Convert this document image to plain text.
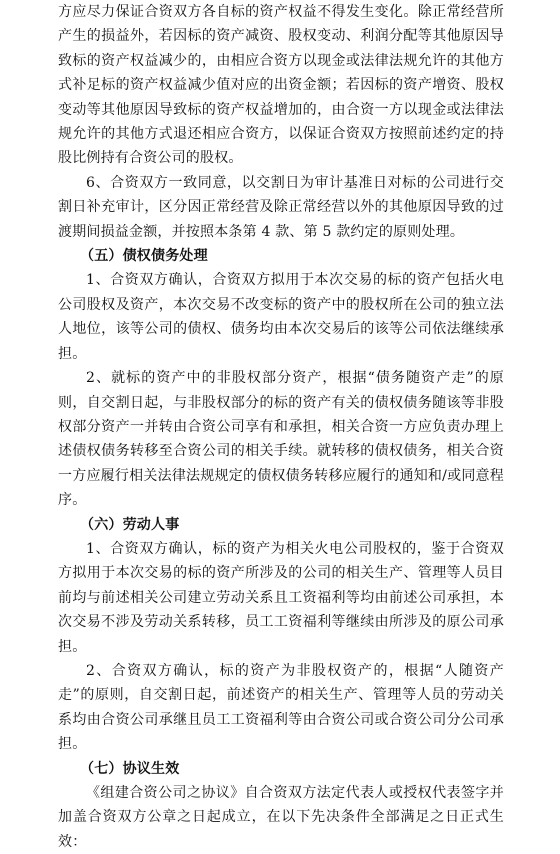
方应尽力保证合资双方各自标的资产权益不得发生变化。除正常经营所产生的损益外，若因标的资产减资、股权变动、利润分配等其他原因导致标的资产权益减少的，由相应合资方以现金或法律法规允许的其他方式补足标的资产权益减少值对应的出资金额；若因标的资产增资、股权变动等其他原因导致标的资产权益增加的，由合资一方以现金或法律法规允许的其他方式退还相应合资方，以保证合资双方按照前述约定的持股比例持有合资公司的股权。

6、合资双方一致同意，以交割日为审计基准日对标的公司进行交割日补充审计，区分因正常经营及除正常经营以外的其他原因导致的过渡期间损益金额，并按照本条第 4 款、第 5 款约定的原则处理。

（五）债权债务处理

1、合资双方确认，合资双方拟用于本次交易的标的资产包括火电公司股权及资产，本次交易不改变标的资产中的股权所在公司的独立法人地位，该等公司的债权、债务均由本次交易后的该等公司依法继续承担。

2、就标的资产中的非股权部分资产，根据“债务随资产走”的原则，自交割日起，与非股权部分的标的资产有关的债权债务随该等非股权部分资产一并转由合资公司享有和承担，相关合资一方应负责办理上述债权债务转移至合资公司的相关手续。就转移的债权债务，相关合资一方应履行相关法律法规规定的债权债务转移应履行的通知和/或同意程序。

（六）劳动人事

1、合资双方确认，标的资产为相关火电公司股权的，鉴于合资双方拟用于本次交易的标的资产所涉及的公司的相关生产、管理等人员目前均与前述相关公司建立劳动关系且工资福利等均由前述公司承担，本次交易不涉及劳动关系转移，员工工资福利等继续由所涉及的原公司承担。

2、合资双方确认，标的资产为非股权资产的，根据“人随资产走”的原则，自交割日起，前述资产的相关生产、管理等人员的劳动关系均由合资公司承继且员工工资福利等由合资公司或合资公司分公司承担。

（七）协议生效

《组建合资公司之协议》自合资双方法定代表人或授权代表签字并加盖合资双方公章之日起成立，在以下先决条件全部满足之日正式生效：
